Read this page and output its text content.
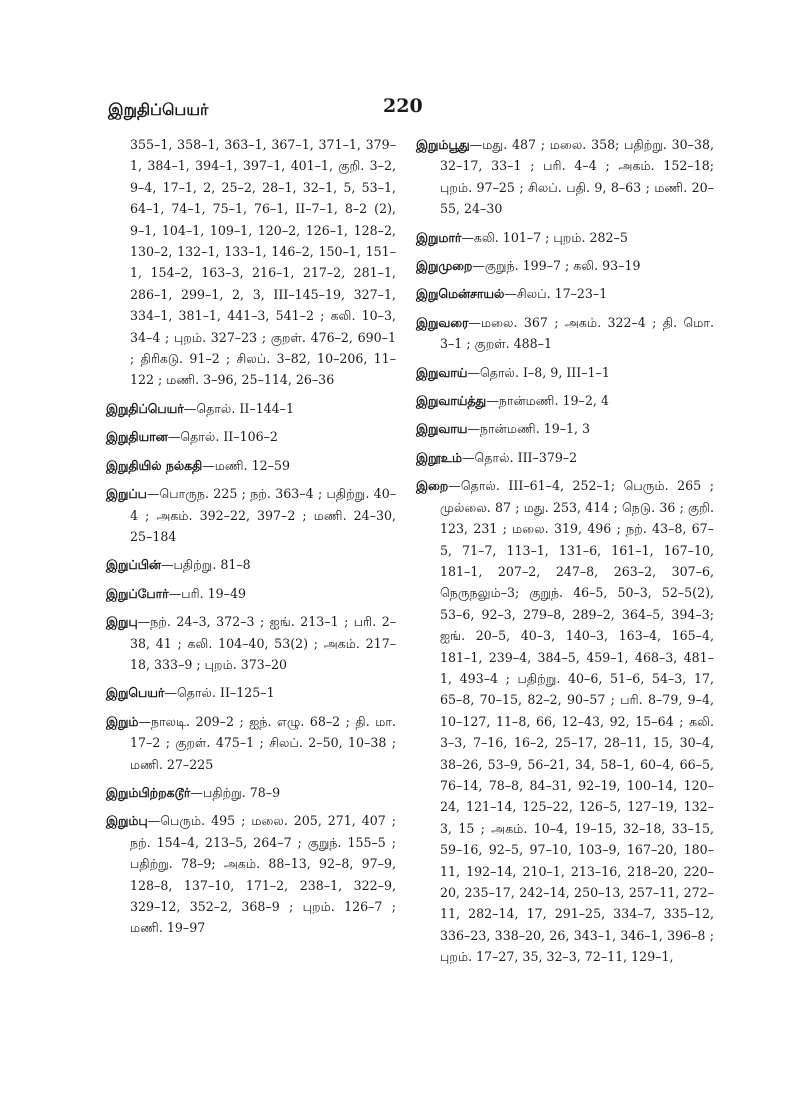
இறுதிப்பெயர்	220

355–1, 358–1, 363–1, 367–1, 371–1, 379–1, 384–1, 394–1, 397–1, 401–1, குறி. 3–2, 9–4, 17–1, 2, 25–2, 28–1, 32–1, 5, 53–1, 64–1, 74–1, 75–1, 76–1, II–7–1, 8–2 (2), 9–1, 104–1, 109–1, 120–2, 126–1, 128–2, 130–2, 132–1, 133–1, 146–2, 150–1, 151–1, 154–2, 163–3, 216–1, 217–2, 281–1, 286–1, 299–1, 2, 3, III–145–19, 327–1, 334–1, 381–1, 441–3, 541–2 ; கலி. 10–3, 34–4 ; புறம். 327–23 ; குறள். 476–2, 690–1 ; திரிகடு. 91–2 ; சிலப். 3–82, 10–206, 11–122 ; மணி. 3–96, 25–114, 26–36

இறுதிப்பெயர்—தொல். II–144–1

இறுதியான—தொல். II–106–2

இறுதியில் நல்கதி—மணி. 12–59

இறுப்ப—பொருந. 225 ; நற். 363–4 ; பதிற்று. 40–4 ; அகம். 392–22, 397–2 ; மணி. 24–30, 25–184

இறுப்பின்—பதிற்று. 81–8

இறுப்போர்—பரி. 19–49

இறுபு—நற். 24–3, 372–3 ; ஐங். 213–1 ; பரி. 2–38, 41 ; கலி. 104–40, 53(2) ; அகம். 217–18, 333–9 ; புறம். 373–20

இறுபெயர்—தொல். II–125–1

இறும்—நாலடி. 209–2 ; ஐந். எழு. 68–2 ; தி. மா. 17–2 ; குறள். 475–1 ; சிலப். 2–50, 10–38 ; மணி. 27–225

இறும்பிற்றகடூர்—பதிற்று. 78–9

இறும்பு—பெரும். 495 ; மலை. 205, 271, 407 ; நற். 154–4, 213–5, 264–7 ; குறுந். 155–5 ; பதிற்று. 78–9; அகம். 88–13, 92–8, 97–9, 128–8, 137–10, 171–2, 238–1, 322–9, 329–12, 352–2, 368–9 ; புறம். 126–7 ; மணி. 19–97

இறும்பூது—மது. 487 ; மலை. 358; பதிற்று. 30–38, 32–17, 33–1 ; பரி. 4–4 ; அகம். 152–18; புறம். 97–25 ; சிலப். பதி. 9, 8–63 ; மணி. 20–55, 24–30

இறுமார்—கலி. 101–7 ; புறம். 282–5

இறுமுறை—குறுந். 199–7 ; கலி. 93–19

இறுமென்சாயல்—சிலப். 17–23–1

இறுவரை—மலை. 367 ; அகம். 322–4 ; தி. மொ. 3–1 ; குறள். 488–1

இறுவாய்—தொல். I–8, 9, III–1–1

இறுவாய்த்து—நான்மணி. 19–2, 4

இறுவாய—நான்மணி. 19–1, 3

இறூஉம்—தொல். III–379–2

இறை—தொல். III–61–4, 252–1; பெரும். 265 ; முல்லை. 87 ; மது. 253, 414 ; நெடு. 36 ; குறி. 123, 231 ; மலை. 319, 496 ; நற். 43–8, 67–5, 71–7, 113–1, 131–6, 161–1, 167–10, 181–1, 207–2, 247–8, 263–2, 307–6, நெருநலும்–3; குறுந். 46–5, 50–3, 52–5(2), 53–6, 92–3, 279–8, 289–2, 364–5, 394–3; ஐங். 20–5, 40–3, 140–3, 163–4, 165–4, 181–1, 239–4, 384–5, 459–1, 468–3, 481–1, 493–4 ; பதிற்று. 40–6, 51–6, 54–3, 17, 65–8, 70–15, 82–2, 90–57 ; பரி. 8–79, 9–4, 10–127, 11–8, 66, 12–43, 92, 15–64 ; கலி. 3–3, 7–16, 16–2, 25–17, 28–11, 15, 30–4, 38–26, 53–9, 56–21, 34, 58–1, 60–4, 66–5, 76–14, 78–8, 84–31, 92–19, 100–14, 120–24, 121–14, 125–22, 126–5, 127–19, 132–3, 15 ; அகம். 10–4, 19–15, 32–18, 33–15, 59–16, 92–5, 97–10, 103–9, 167–20, 180–11, 192–14, 210–1, 213–16, 218–20, 220–20, 235–17, 242–14, 250–13, 257–11, 272–11, 282–14, 17, 291–25, 334–7, 335–12, 336–23, 338–20, 26, 343–1, 346–1, 396–8 ; புறம். 17–27, 35, 32–3, 72–11, 129–1,
